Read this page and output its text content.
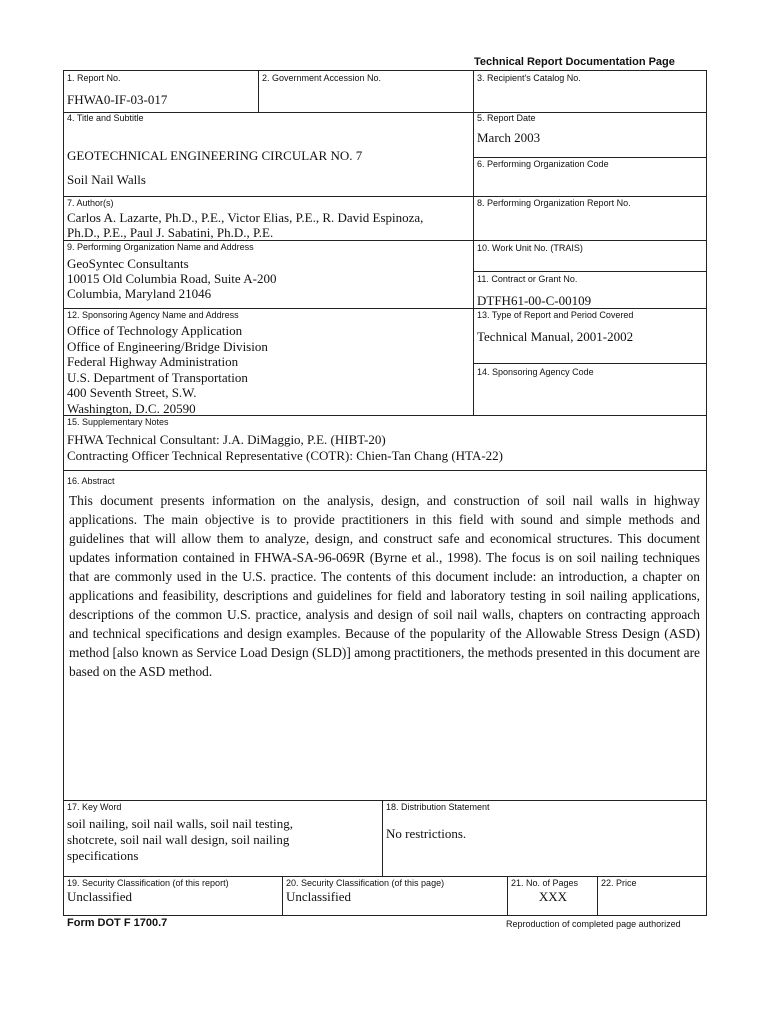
Technical Report Documentation Page
1. Report No.
FHWA0-IF-03-017
2. Government Accession No.	3. Recipient's Catalog No.
4. Title and Subtitle
GEOTECHNICAL ENGINEERING CIRCULAR NO. 7
Soil Nail Walls
5. Report Date
March 2003
6. Performing Organization Code
7. Author(s)
Carlos A. Lazarte, Ph.D., P.E., Victor Elias, P.E., R. David Espinoza,
Ph.D., P.E., Paul J. Sabatini, Ph.D., P.E.
8. Performing Organization Report No.
9. Performing Organization Name and Address
GeoSyntec Consultants
10015 Old Columbia Road, Suite A-200
Columbia, Maryland 21046
10. Work Unit No. (TRAIS)
11. Contract or Grant No.
DTFH61-00-C-00109
12. Sponsoring Agency Name and Address
Office of Technology Application
Office of Engineering/Bridge Division
Federal Highway Administration
U.S. Department of Transportation
400 Seventh Street, S.W.
Washington, D.C. 20590
13. Type of Report and Period Covered
Technical Manual, 2001-2002
14. Sponsoring Agency Code
15. Supplementary Notes
FHWA Technical Consultant: J.A. DiMaggio, P.E. (HIBT-20)
Contracting Officer Technical Representative (COTR): Chien-Tan Chang (HTA-22)
16. Abstract
This document presents information on the analysis, design, and construction of soil nail walls in highway applications. The main objective is to provide practitioners in this field with sound and simple methods and guidelines that will allow them to analyze, design, and construct safe and economical structures. This document updates information contained in FHWA-SA-96-069R (Byrne et al., 1998). The focus is on soil nailing techniques that are commonly used in the U.S. practice. The contents of this document include: an introduction, a chapter on applications and feasibility, descriptions and guidelines for field and laboratory testing in soil nailing applications, descriptions of the common U.S. practice, analysis and design of soil nail walls, chapters on contracting approach and technical specifications and design examples. Because of the popularity of the Allowable Stress Design (ASD) method [also known as Service Load Design (SLD)] among practitioners, the methods presented in this document are based on the ASD method.
17. Key Word
soil nailing, soil nail walls, soil nail testing,
shotcrete, soil nail wall design, soil nailing
specifications
18. Distribution Statement
No restrictions.
19. Security Classification (of this report)
Unclassified
20. Security Classification (of this page)
Unclassified
21. No. of Pages
XXX
22. Price
Form DOT F 1700.7	Reproduction of completed page authorized
